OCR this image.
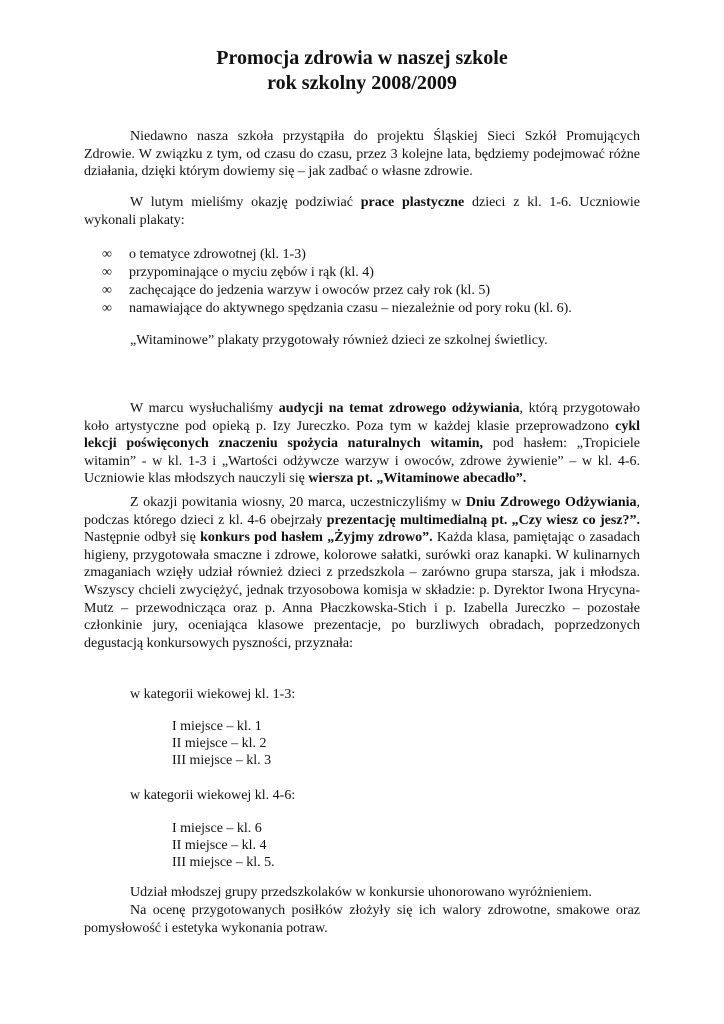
Promocja zdrowia w naszej szkole
rok szkolny 2008/2009

Niedawno nasza szkoła przystąpiła do projektu Śląskiej Sieci Szkół Promujących Zdrowie. W związku z tym, od czasu do czasu, przez 3 kolejne lata, będziemy podejmować różne działania, dzięki którym dowiemy się – jak zadbać o własne zdrowie.

W lutym mieliśmy okazję podziwiać prace plastyczne dzieci z kl. 1-6. Uczniowie wykonali plakaty:

∞ o tematyce zdrowotnej (kl. 1-3)
∞ przypominające o myciu zębów i rąk (kl. 4)
∞ zachęcające do jedzenia warzyw i owoców przez cały rok (kl. 5)
∞ namawiające do aktywnego spędzania czasu – niezależnie od pory roku (kl. 6).

„Witaminowe” plakaty przygotowały również dzieci ze szkolnej świetlicy.

W marcu wysłuchaliśmy audycji na temat zdrowego odżywiania, którą przygotowało koło artystyczne pod opieką p. Izy Jureczko. Poza tym w każdej klasie przeprowadzono cykl lekcji poświęconych znaczeniu spożycia naturalnych witamin, pod hasłem: „Tropiciele witamin” - w kl. 1-3 i „Wartości odżywcze warzyw i owoców, zdrowe żywienie” – w kl. 4-6. Uczniowie klas młodszych nauczyli się wiersza pt. „Witaminowe abecadło”.

Z okazji powitania wiosny, 20 marca, uczestniczyliśmy w Dniu Zdrowego Odżywiania, podczas którego dzieci z kl. 4-6 obejrzały prezentację multimedialną pt. „Czy wiesz co jesz?”. Następnie odbył się konkurs pod hasłem „Żyjmy zdrowo”. Każda klasa, pamiętając o zasadach higieny, przygotowała smaczne i zdrowe, kolorowe sałatki, surówki oraz kanapki. W kulinarnych zmaganiach wzięły udział również dzieci z przedszkola – zarówno grupa starsza, jak i młodsza. Wszyscy chcieli zwyciężyć, jednak trzyosobowa komisja w składzie: p. Dyrektor Iwona Hrycyna-Mutz – przewodnicząca oraz p. Anna Płaczkowska-Stich i p. Izabella Jureczko – pozostałe członkinie jury, oceniająca klasowe prezentacje, po burzliwych obradach, poprzedzonych degustacją konkursowych pyszności, przyznała:

w kategorii wiekowej kl. 1-3:

I miejsce – kl. 1

II miejsce – kl. 2

III miejsce – kl. 3

w kategorii wiekowej kl. 4-6:

I miejsce – kl. 6

II miejsce – kl. 4

III miejsce – kl. 5.

Udział młodszej grupy przedszkolaków w konkursie uhonorowano wyróżnieniem.

Na ocenę przygotowanych posiłków złożyły się ich walory zdrowotne, smakowe oraz pomysłowość i estetyka wykonania potraw.
